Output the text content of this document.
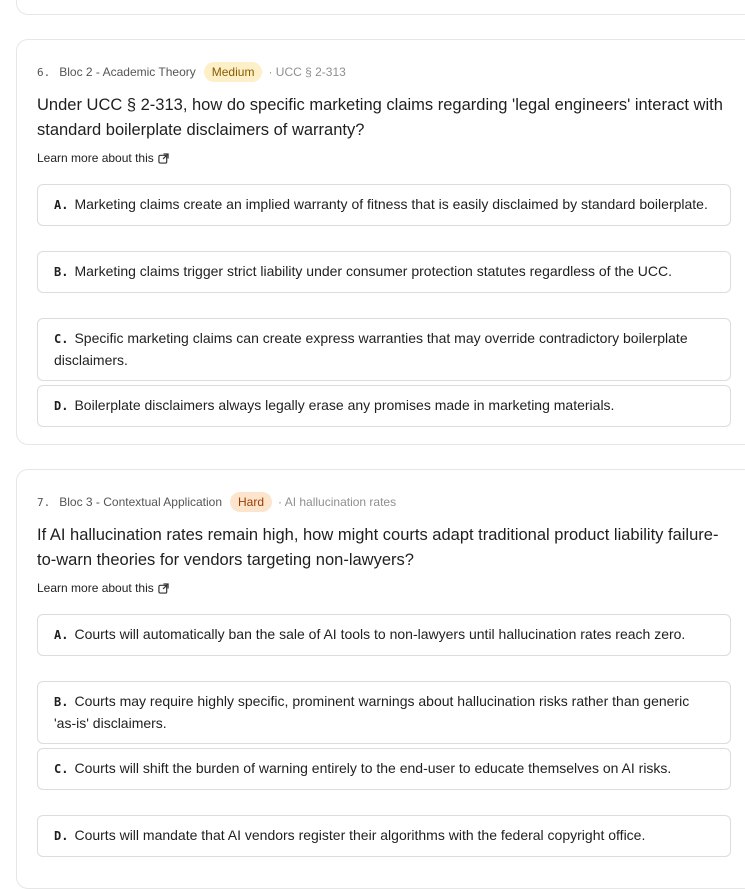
6. Bloc 2 - Academic Theory	Medium	· UCC § 2-313

Under UCC § 2-313, how do specific marketing claims regarding 'legal engineers' interact with standard boilerplate disclaimers of warranty?

Learn more about this
A. Marketing claims create an implied warranty of fitness that is easily disclaimed by standard boilerplate.
B. Marketing claims trigger strict liability under consumer protection statutes regardless of the UCC.
C. Specific marketing claims can create express warranties that may override contradictory boilerplate disclaimers.
D. Boilerplate disclaimers always legally erase any promises made in marketing materials.
7. Bloc 3 - Contextual Application	Hard	· AI hallucination rates

If AI hallucination rates remain high, how might courts adapt traditional product liability failure-to-warn theories for vendors targeting non-lawyers?

Learn more about this
A. Courts will automatically ban the sale of AI tools to non-lawyers until hallucination rates reach zero.
B. Courts may require highly specific, prominent warnings about hallucination risks rather than generic 'as-is' disclaimers.
C. Courts will shift the burden of warning entirely to the end-user to educate themselves on AI risks.
D. Courts will mandate that AI vendors register their algorithms with the federal copyright office.
